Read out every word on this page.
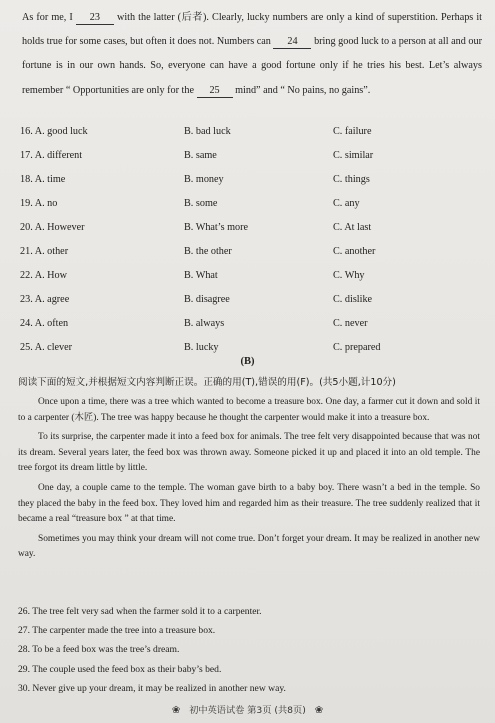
As for me, I 23 with the latter (后者). Clearly, lucky numbers are only a kind of superstition. Perhaps it holds true for some cases, but often it does not. Numbers can 24 bring good luck to a person at all and our fortune is in our own hands. So, everyone can have a good fortune only if he tries his best. Let’s always remember “ Opportunities are only for the 25 mind” and “ No pains, no gains”.

16. A. good luck	B. bad luck	C. failure
17. A. different	B. same	C. similar
18. A. time	B. money	C. things
19. A. no	B. some	C. any
20. A. However	B. What’s more	C. At last
21. A. other	B. the other	C. another
22. A. How	B. What	C. Why
23. A. agree	B. disagree	C. dislike
24. A. often	B. always	C. never
25. A. clever	B. lucky	C. prepared
(B)
阅读下面的短文,并根据短文内容判断正误。正确的用(T),错误的用(F)。(共5小题,计10分)

Once upon a time, there was a tree which wanted to become a treasure box. One day, a farmer cut it down and sold it to a carpenter (木匠). The tree was happy because he thought the carpenter would make it into a treasure box.

To its surprise, the carpenter made it into a feed box for animals. The tree felt very disappointed because that was not its dream. Several years later, the feed box was thrown away. Someone picked it up and placed it into an old temple. The tree forgot its dream little by little.

One day, a couple came to the temple. The woman gave birth to a baby boy. There wasn’t a bed in the temple. So they placed the baby in the feed box. They loved him and regarded him as their treasure. The tree suddenly realized that it became a real “treasure box ” at that time.

Sometimes you may think your dream will not come true. Don’t forget your dream. It may be realized in another new way.

26. The tree felt very sad when the farmer sold it to a carpenter.
27. The carpenter made the tree into a treasure box.
28. To be a feed box was the tree’s dream.
29. The couple used the feed box as their baby’s bed.
30. Never give up your dream, it may be realized in another new way.
❀ 初中英语试卷 第3页 (共8页) ❀
